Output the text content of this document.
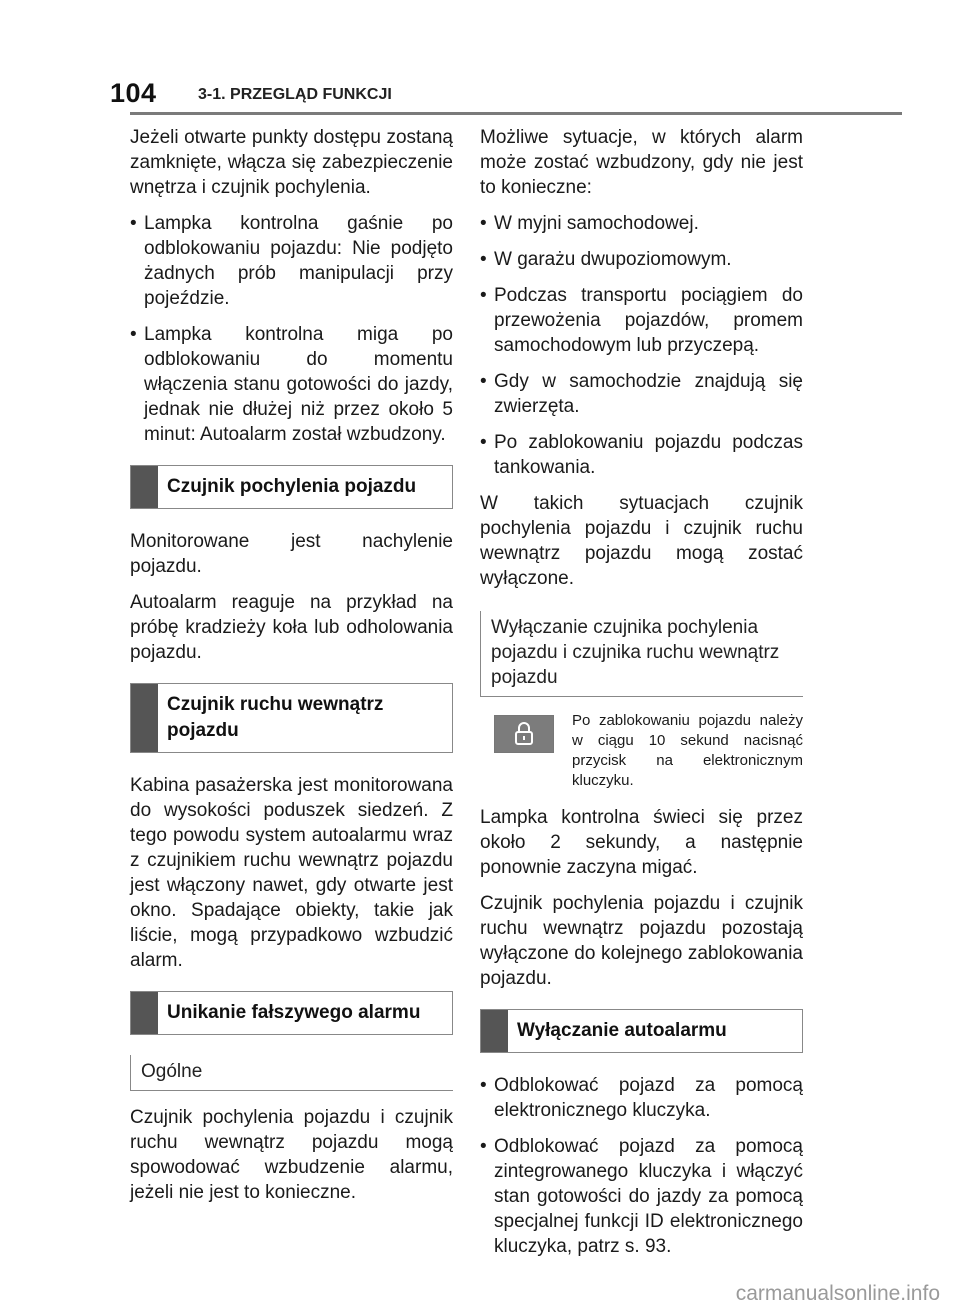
104	3-1. PRZEGLĄD FUNKCJI

Jeżeli otwarte punkty dostępu zostaną zamknięte, włącza się zabezpieczenie wnętrza i czujnik pochylenia.

• Lampka kontrolna gaśnie po odblokowaniu pojazdu: Nie podjęto żadnych prób manipulacji przy pojeździe.
• Lampka kontrolna miga po odblokowaniu do momentu włączenia stanu gotowości do jazdy, jednak nie dłużej niż przez około 5 minut: Autoalarm został wzbudzony.
Czujnik pochylenia pojazdu

Monitorowane jest nachylenie pojazdu.

Autoalarm reaguje na przykład na próbę kradzieży koła lub odholowania pojazdu.

Czujnik ruchu wewnątrz pojazdu

Kabina pasażerska jest monitorowana do wysokości poduszek siedzeń. Z tego powodu system autoalarmu wraz z czujnikiem ruchu wewnątrz pojazdu jest włączony nawet, gdy otwarte jest okno. Spadające obiekty, takie jak liście, mogą przypadkowo wzbudzić alarm.

Unikanie fałszywego alarmu
Ogólne

Czujnik pochylenia pojazdu i czujnik ruchu wewnątrz pojazdu mogą spowodować wzbudzenie alarmu, jeżeli nie jest to konieczne.

Możliwe sytuacje, w których alarm może zostać wzbudzony, gdy nie jest to konieczne:

• W myjni samochodowej.
• W garażu dwupoziomowym.
• Podczas transportu pociągiem do przewożenia pojazdów, promem samochodowym lub przyczepą.
• Gdy w samochodzie znajdują się zwierzęta.
• Po zablokowaniu pojazdu podczas tankowania.

W takich sytuacjach czujnik pochylenia pojazdu i czujnik ruchu wewnątrz pojazdu mogą zostać wyłączone.

Wyłączanie czujnika pochylenia pojazdu i czujnika ruchu wewnątrz pojazdu
Po zablokowaniu pojazdu należy w ciągu 10 sekund nacisnąć przycisk na elektronicznym kluczyku.

Lampka kontrolna świeci się przez około 2 sekundy, a następnie ponownie zaczyna migać.

Czujnik pochylenia pojazdu i czujnik ruchu wewnątrz pojazdu pozostają wyłączone do kolejnego zablokowania pojazdu.

Wyłączanie autoalarmu
• Odblokować pojazd za pomocą elektronicznego kluczyka.
• Odblokować pojazd za pomocą zintegrowanego kluczyka i włączyć stan gotowości do jazdy za pomocą specjalnej funkcji ID elektronicznego kluczyka, patrz s. 93.
carmanualsonline.info
